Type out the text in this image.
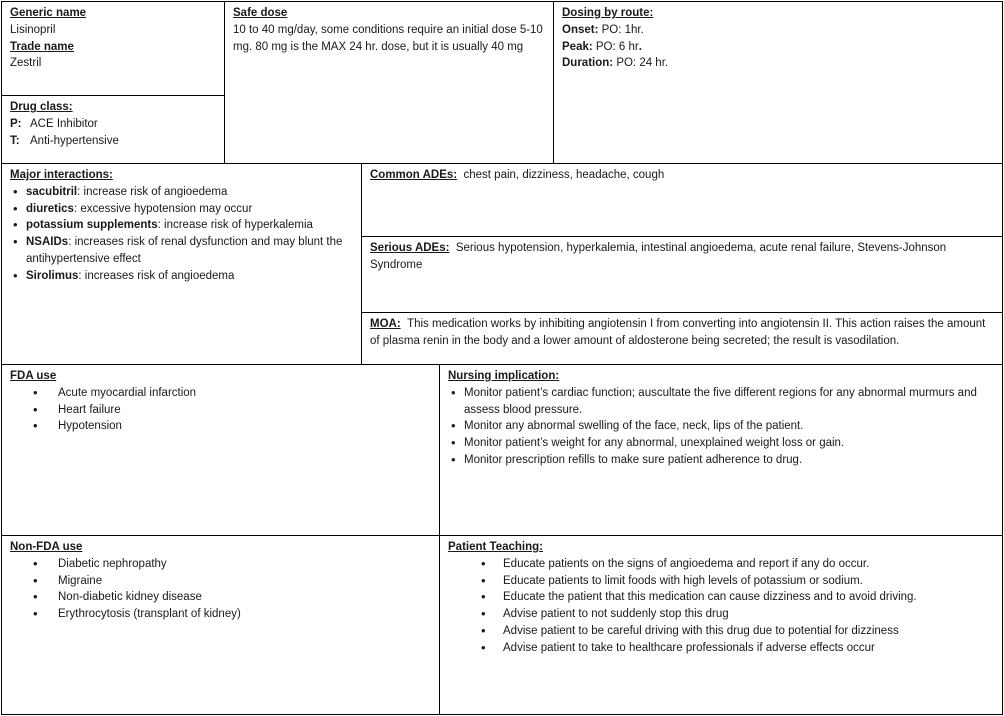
Generic name
Lisinopril
Trade name
Zestril
Drug class:
P: ACE Inhibitor
T: Anti-hypertensive
Safe dose
10 to 40 mg/day, some conditions require an initial dose 5-10 mg. 80 mg is the MAX 24 hr. dose, but it is usually 40 mg
Dosing by route:
Onset: PO: 1hr.
Peak: PO: 6 hr.
Duration: PO: 24 hr.
Major interactions:
• sacubitril: increase risk of angioedema
• diuretics: excessive hypotension may occur
• potassium supplements: increase risk of hyperkalemia
• NSAIDs: increases risk of renal dysfunction and may blunt the antihypertensive effect
• Sirolimus: increases risk of angioedema
Common ADEs: chest pain, dizziness, headache, cough
Serious ADEs: Serious hypotension, hyperkalemia, intestinal angioedema, acute renal failure, Stevens-Johnson Syndrome
MOA: This medication works by inhibiting angiotensin I from converting into angiotensin II. This action raises the amount of plasma renin in the body and a lower amount of aldosterone being secreted; the result is vasodilation.
FDA use
• Acute myocardial infarction
• Heart failure
• Hypotension
Nursing implication:
• Monitor patient’s cardiac function; auscultate the five different regions for any abnormal murmurs and assess blood pressure.
• Monitor any abnormal swelling of the face, neck, lips of the patient.
• Monitor patient’s weight for any abnormal, unexplained weight loss or gain.
• Monitor prescription refills to make sure patient adherence to drug.
Non-FDA use
• Diabetic nephropathy
• Migraine
• Non-diabetic kidney disease
• Erythrocytosis (transplant of kidney)
Patient Teaching:
• Educate patients on the signs of angioedema and report if any do occur.
• Educate patients to limit foods with high levels of potassium or sodium.
• Educate the patient that this medication can cause dizziness and to avoid driving.
• Advise patient to not suddenly stop this drug
• Advise patient to be careful driving with this drug due to potential for dizziness
• Advise patient to take to healthcare professionals if adverse effects occur
